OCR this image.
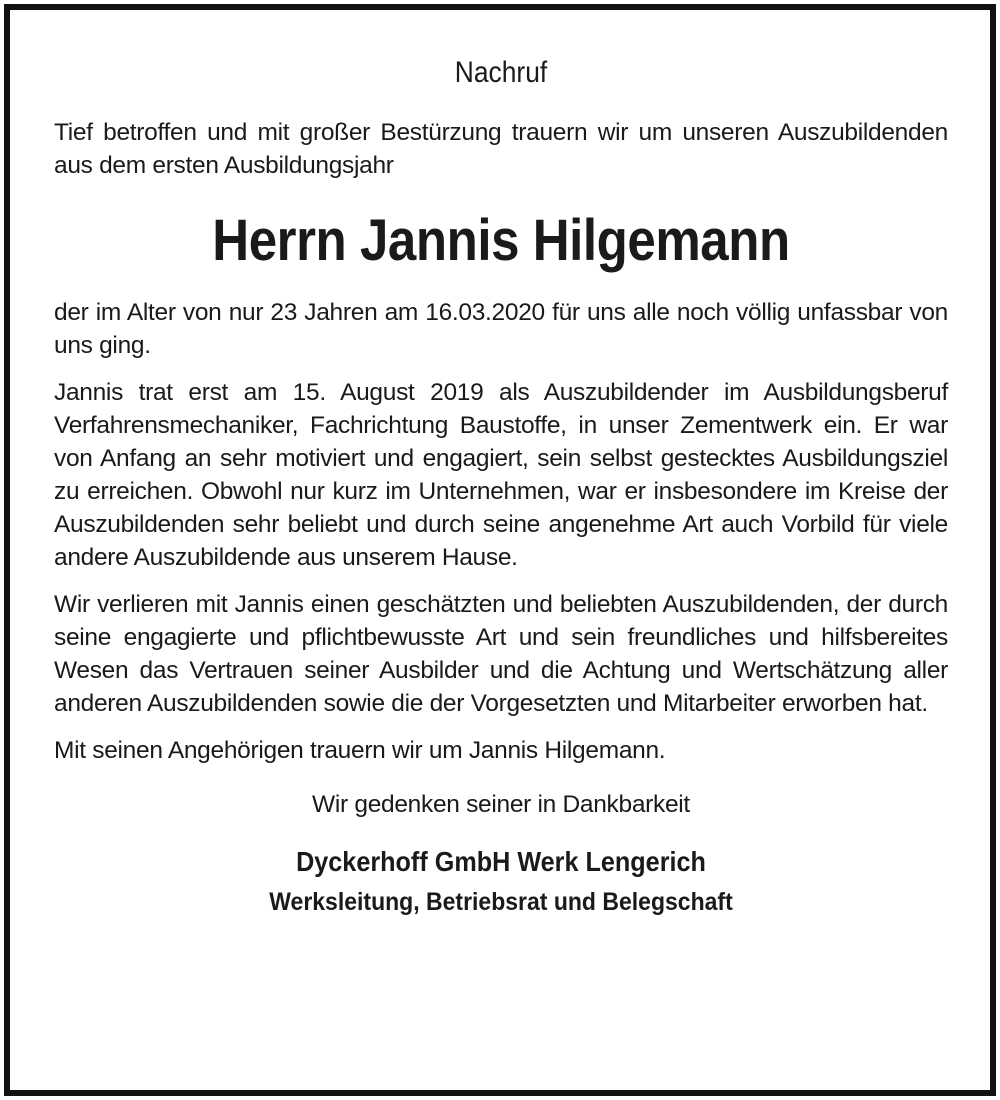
Nachruf

Tief betroffen und mit großer Bestürzung trauern wir um unseren Auszubildenden aus dem ersten Ausbildungsjahr

Herrn Jannis Hilgemann

der im Alter von nur 23 Jahren am 16.03.2020 für uns alle noch völlig unfassbar von uns ging.

Jannis trat erst am 15. August 2019 als Auszubildender im Ausbildungsberuf Verfahrensmechaniker, Fachrichtung Baustoffe, in unser Zementwerk ein. Er war von Anfang an sehr motiviert und engagiert, sein selbst gestecktes Ausbildungsziel zu erreichen. Obwohl nur kurz im Unternehmen, war er insbesondere im Kreise der Auszubildenden sehr beliebt und durch seine angenehme Art auch Vorbild für viele andere Auszubildende aus unserem Hause.

Wir verlieren mit Jannis einen geschätzten und beliebten Auszubildenden, der durch seine engagierte und pflichtbewusste Art und sein freundliches und hilfsbereites Wesen das Vertrauen seiner Ausbilder und die Achtung und Wertschätzung aller anderen Auszubildenden sowie die der Vorgesetzten und Mitarbeiter erworben hat.

Mit seinen Angehörigen trauern wir um Jannis Hilgemann.

Wir gedenken seiner in Dankbarkeit
Dyckerhoff GmbH Werk Lengerich
Werksleitung, Betriebsrat und Belegschaft
